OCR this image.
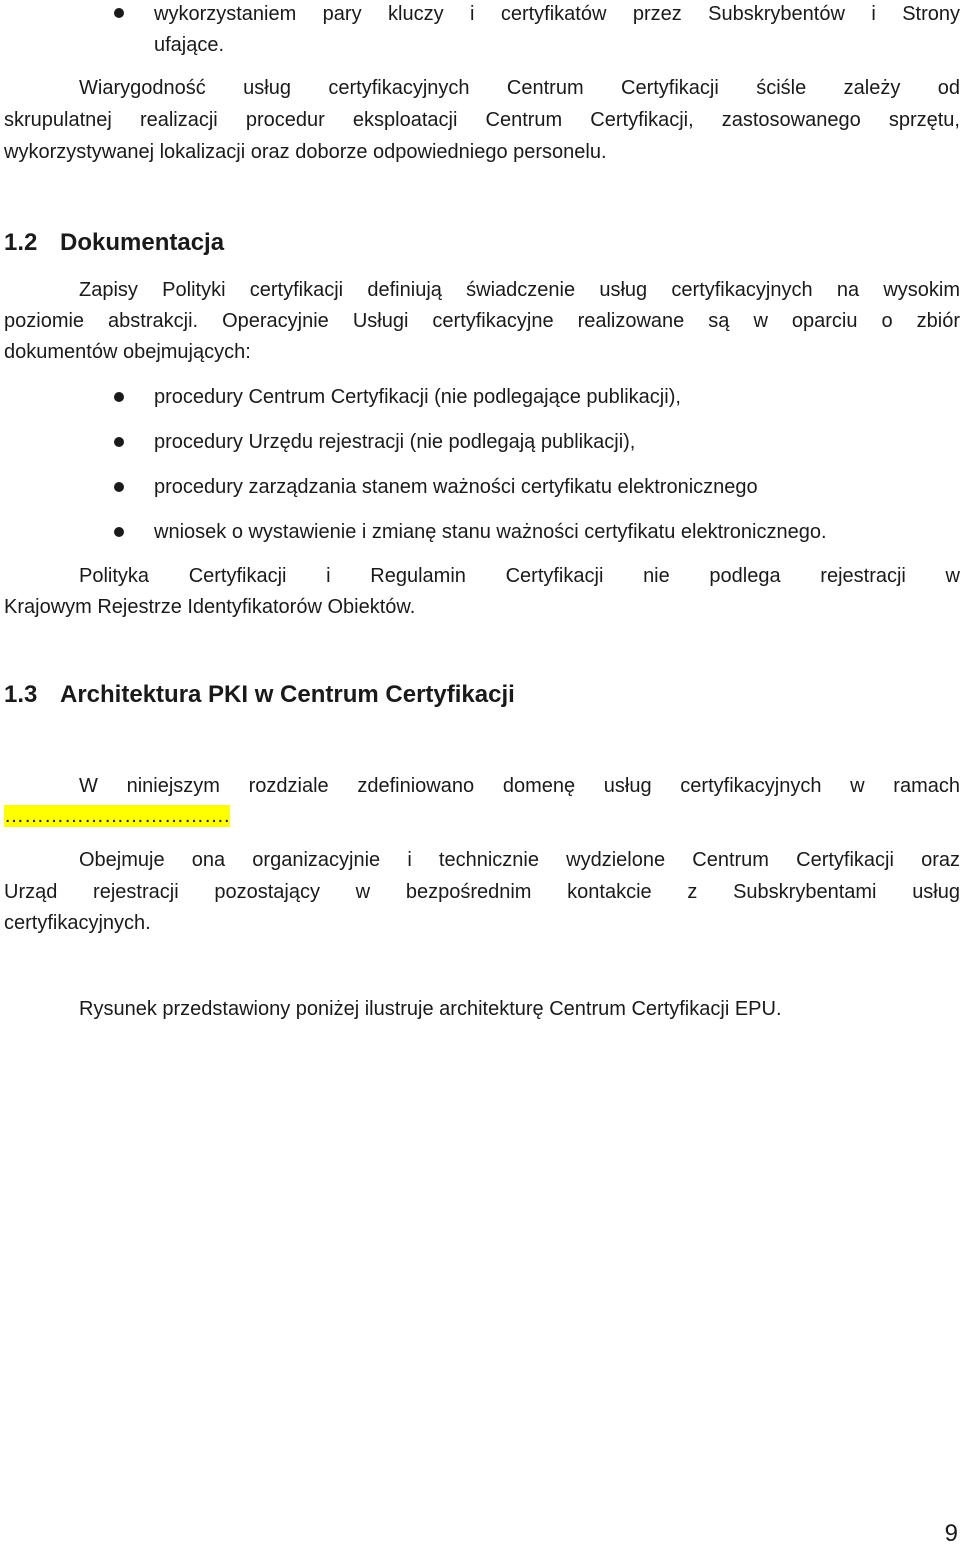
wykorzystaniem pary kluczy i certyfikatów przez Subskrybentów i Strony
ufające.
Wiarygodność usług certyfikacyjnych Centrum Certyfikacji ściśle zależy od
skrupulatnej realizacji procedur eksploatacji Centrum Certyfikacji, zastosowanego sprzętu,
wykorzystywanej lokalizacji oraz doborze odpowiedniego personelu.
1.2 Dokumentacja
Zapisy Polityki certyfikacji definiują świadczenie usług certyfikacyjnych na wysokim
poziomie abstrakcji. Operacyjnie Usługi certyfikacyjne realizowane są w oparciu o zbiór
dokumentów obejmujących:
procedury Centrum Certyfikacji (nie podlegające publikacji),
procedury Urzędu rejestracji (nie podlegają publikacji),
procedury zarządzania stanem ważności certyfikatu elektronicznego
wniosek o wystawienie i zmianę stanu ważności certyfikatu elektronicznego.
Polityka Certyfikacji i Regulamin Certyfikacji nie podlega rejestracji w
Krajowym Rejestrze Identyfikatorów Obiektów.
1.3 Architektura PKI w Centrum Certyfikacji
W niniejszym rozdziale zdefiniowano domenę usług certyfikacyjnych w ramach
…………………………….
Obejmuje ona organizacyjnie i technicznie wydzielone Centrum Certyfikacji oraz
Urząd rejestracji pozostający w bezpośrednim kontakcie z Subskrybentami usług
certyfikacyjnych.
Rysunek przedstawiony poniżej ilustruje architekturę Centrum Certyfikacji EPU.
9
